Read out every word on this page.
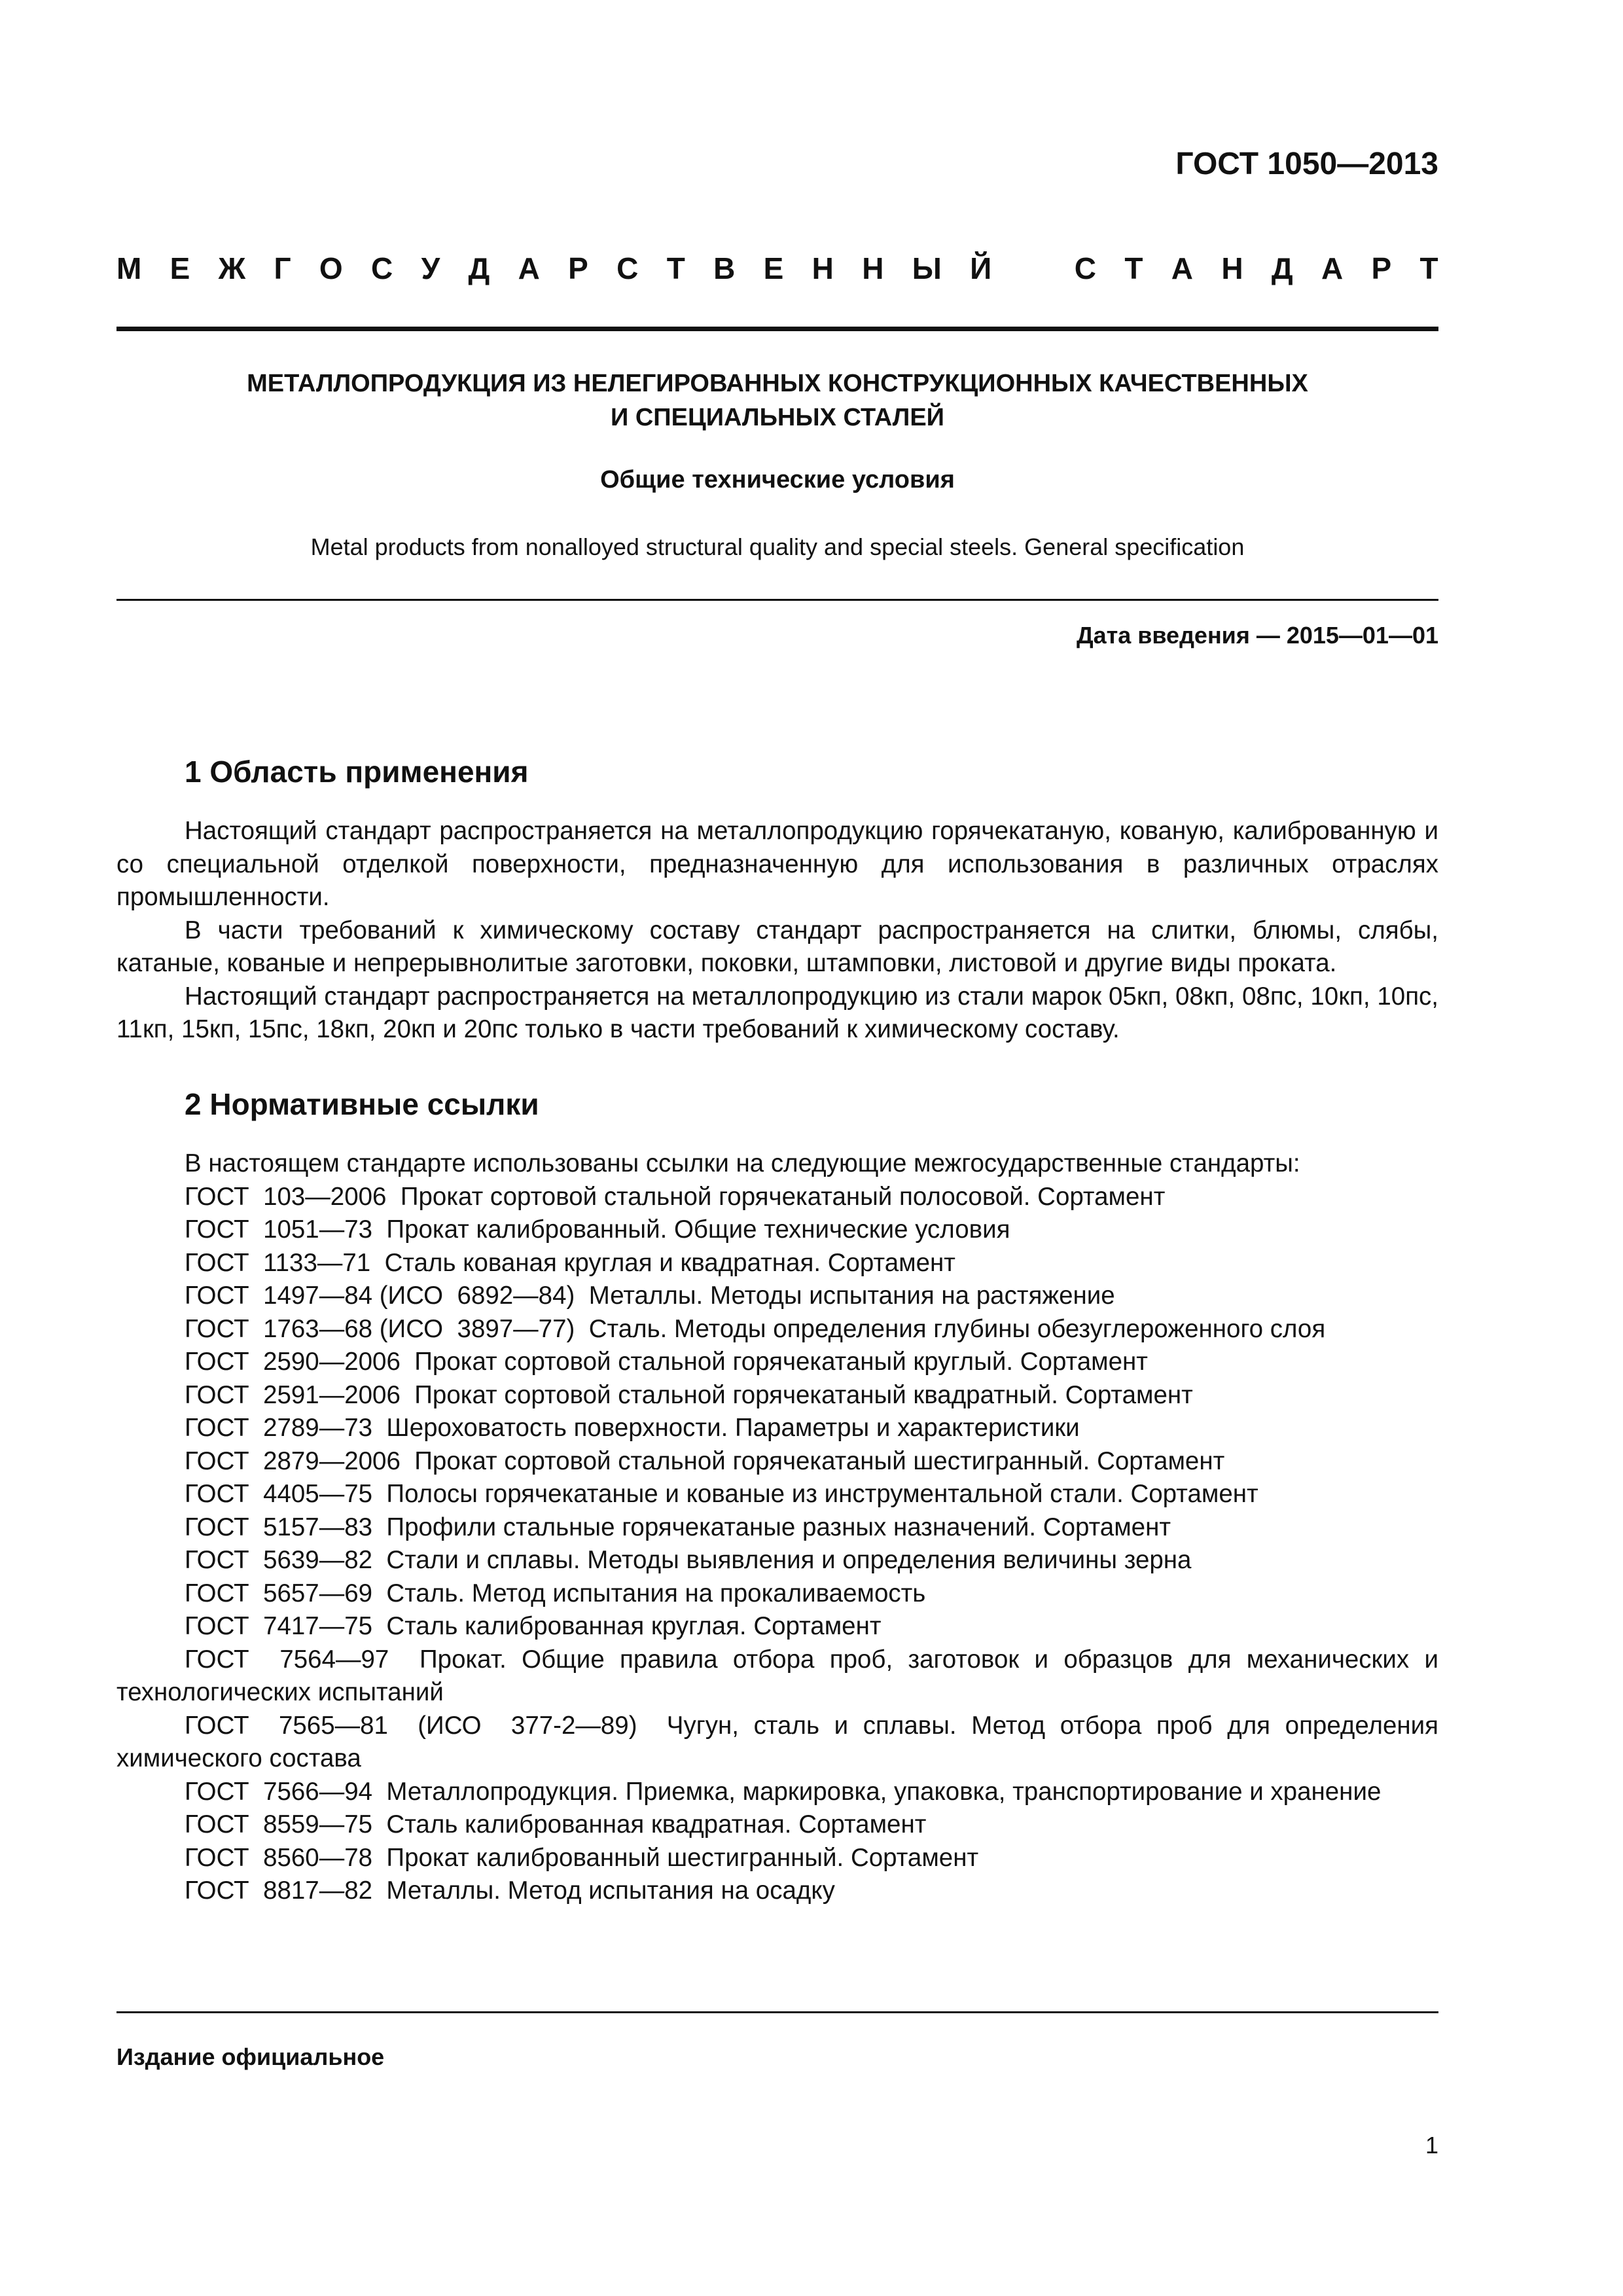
ГОСТ 1050—2013
М Е Ж Г О С У Д А Р С Т В Е Н Н Ы Й	С Т А Н Д А Р Т
МЕТАЛЛОПРОДУКЦИЯ ИЗ НЕЛЕГИРОВАННЫХ КОНСТРУКЦИОННЫХ КАЧЕСТВЕННЫХ
И СПЕЦИАЛЬНЫХ СТАЛЕЙ
Общие технические условия
Metal products from nonalloyed structural quality and special steels. General specification
Дата введения — 2015—01—01
1 Область применения

Настоящий стандарт распространяется на металлопродукцию горячекатаную, кованую, калиброванную и со специальной отделкой поверхности, предназначенную для использования в различных отраслях промышленности.

В части требований к химическому составу стандарт распространяется на слитки, блюмы, слябы, катаные, кованые и непрерывнолитые заготовки, поковки, штамповки, листовой и другие виды проката.

Настоящий стандарт распространяется на металлопродукцию из стали марок 05кп, 08кп, 08пс, 10кп, 10пс, 11кп, 15кп, 15пс, 18кп, 20кп и 20пс только в части требований к химическому составу.

2 Нормативные ссылки

В настоящем стандарте использованы ссылки на следующие межгосударственные стандарты:

ГОСТ  103—2006  Прокат сортовой стальной горячекатаный полосовой. Сортамент

ГОСТ  1051—73  Прокат калиброванный. Общие технические условия

ГОСТ  1133—71  Сталь кованая круглая и квадратная. Сортамент

ГОСТ  1497—84 (ИСО  6892—84)  Металлы. Методы испытания на растяжение

ГОСТ  1763—68 (ИСО  3897—77)  Сталь. Методы определения глубины обезуглероженного слоя

ГОСТ  2590—2006  Прокат сортовой стальной горячекатаный круглый. Сортамент

ГОСТ  2591—2006  Прокат сортовой стальной горячекатаный квадратный. Сортамент

ГОСТ  2789—73  Шероховатость поверхности. Параметры и характеристики

ГОСТ  2879—2006  Прокат сортовой стальной горячекатаный шестигранный. Сортамент

ГОСТ  4405—75  Полосы горячекатаные и кованые из инструментальной стали. Сортамент

ГОСТ  5157—83  Профили стальные горячекатаные разных назначений. Сортамент

ГОСТ  5639—82  Стали и сплавы. Методы выявления и определения величины зерна

ГОСТ  5657—69  Сталь. Метод испытания на прокаливаемость

ГОСТ  7417—75  Сталь калиброванная круглая. Сортамент

ГОСТ  7564—97  Прокат. Общие правила отбора проб, заготовок и образцов для механических и технологических испытаний

ГОСТ  7565—81  (ИСО  377-2—89)  Чугун, сталь и сплавы. Метод отбора проб для определения химического состава

ГОСТ  7566—94  Металлопродукция. Приемка, маркировка, упаковка, транспортирование и хранение

ГОСТ  8559—75  Сталь калиброванная квадратная. Сортамент

ГОСТ  8560—78  Прокат калиброванный шестигранный. Сортамент

ГОСТ  8817—82  Металлы. Метод испытания на осадку

Издание официальное
1
